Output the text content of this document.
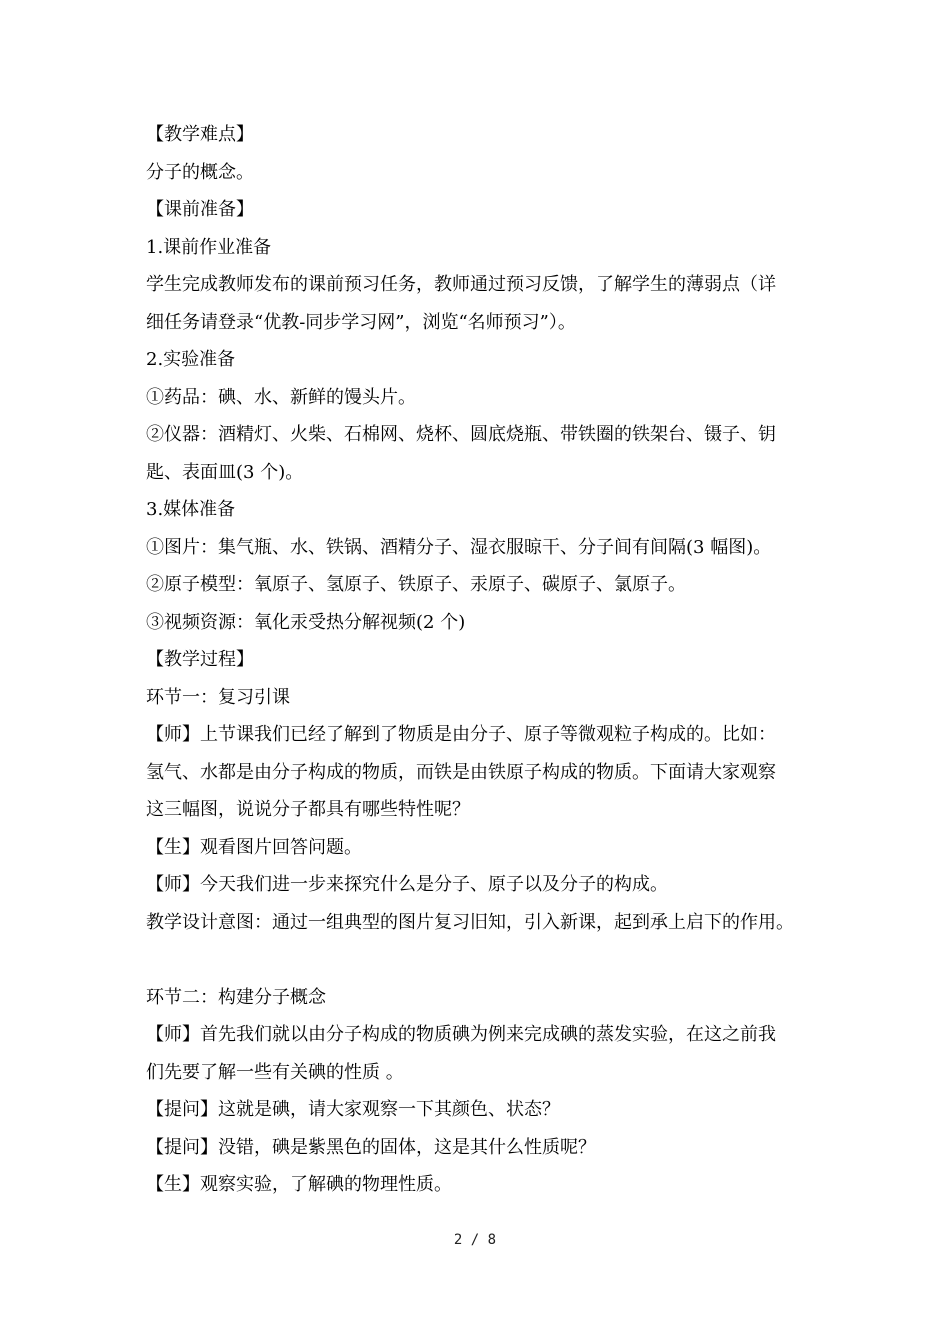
【教学难点】
分子的概念。
【课前准备】
1.课前作业准备
学生完成教师发布的课前预习任务，教师通过预习反馈，了解学生的薄弱点（详
细任务请登录“优教-同步学习网”，浏览“名师预习”）。
2.实验准备
①药品：碘、水、新鲜的馒头片。
②仪器：酒精灯、火柴、石棉网、烧杯、圆底烧瓶、带铁圈的铁架台、镊子、钥
匙、表面皿(3 个)。
3.媒体准备
①图片：集气瓶、水、铁锅、酒精分子、湿衣服晾干、分子间有间隔(3 幅图)。
②原子模型：氧原子、氢原子、铁原子、汞原子、碳原子、氯原子。
③视频资源：氧化汞受热分解视频(2 个)
【教学过程】
环节一：复习引课
【师】上节课我们已经了解到了物质是由分子、原子等微观粒子构成的。比如：
氢气、水都是由分子构成的物质，而铁是由铁原子构成的物质。下面请大家观察
这三幅图，说说分子都具有哪些特性呢？
【生】观看图片回答问题。
【师】今天我们进一步来探究什么是分子、原子以及分子的构成。
教学设计意图：通过一组典型的图片复习旧知，引入新课，起到承上启下的作用。
环节二：构建分子概念
【师】首先我们就以由分子构成的物质碘为例来完成碘的蒸发实验，在这之前我
们先要了解一些有关碘的性质 。
【提问】这就是碘，请大家观察一下其颜色、状态？
【提问】没错，碘是紫黑色的固体，这是其什么性质呢？
【生】观察实验，了解碘的物理性质。
2 / 8
